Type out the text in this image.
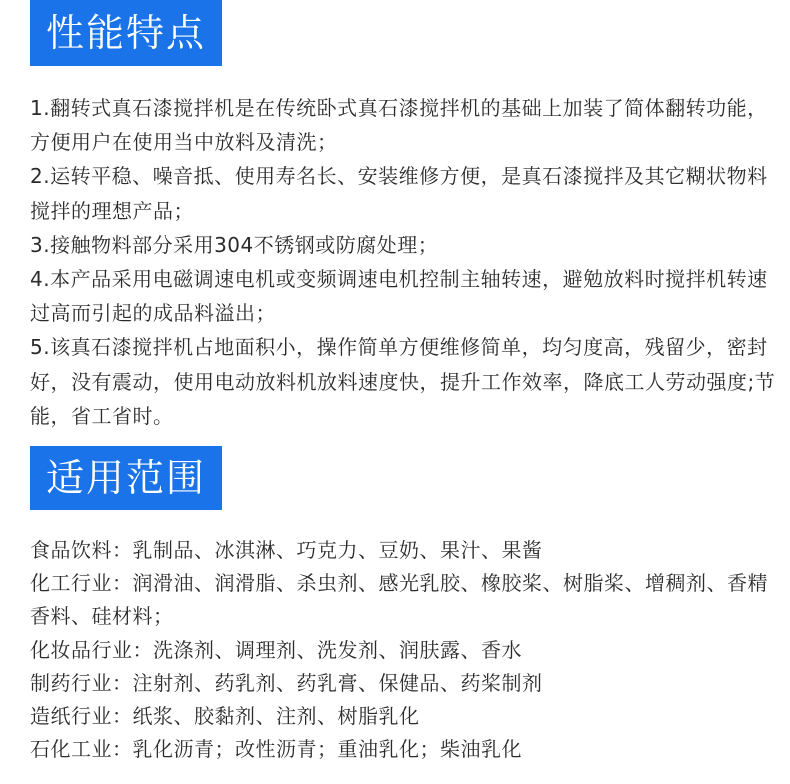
性能特点

1.翻转式真石漆搅拌机是在传统卧式真石漆搅拌机的基础上加装了简体翻转功能，方便用户在使用当中放料及清洗；

2.运转平稳、噪音抵、使用寿名长、安装维修方便，是真石漆搅拌及其它糊状物料搅拌的理想产品；

3.接触物料部分采用304不锈钢或防腐处理；

4.本产品采用电磁调速电机或变频调速电机控制主轴转速，避勉放料时搅拌机转速过高而引起的成品料溢出；

5.该真石漆搅拌机占地面积小，操作简单方便维修简单，均匀度高，残留少，密封好，没有震动，使用电动放料机放料速度快，提升工作效率，降底工人劳动强度;节能，省工省时。

适用范围

食品饮料：乳制品、冰淇淋、巧克力、豆奶、果汁、果酱

化工行业：润滑油、润滑脂、杀虫剂、感光乳胶、橡胶桨、树脂桨、增稠剂、香精香料、硅材料；

化妆品行业：洗涤剂、调理剂、洗发剂、润肤露、香水

制药行业：注射剂、药乳剂、药乳膏、保健品、药桨制剂

造纸行业：纸浆、胶黏剂、注剂、树脂乳化

石化工业：乳化沥青；改性沥青；重油乳化；柴油乳化
